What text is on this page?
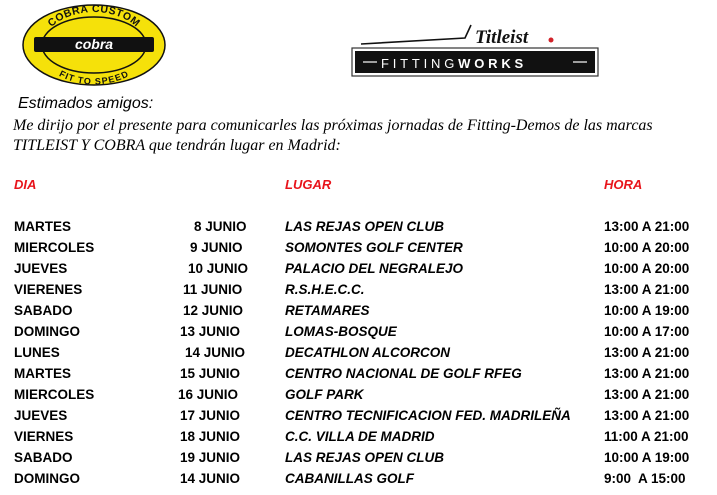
COBRA CUSTOM
FIT TO SPEED
cobra	Titleist
FITTINGWORKS

Estimados amigos:

Me dirijo por el presente para comunicarles las próximas jornadas de Fitting-Demos de las marcas TITLEIST Y COBRA que tendrán lugar en Madrid:

DIA	LUGAR	HORA

MARTES	8 JUNIO	LAS REJAS OPEN CLUB	13:00 A 21:00
MIERCOLES	9 JUNIO	SOMONTES GOLF CENTER	10:00 A 20:00
JUEVES	10 JUNIO	PALACIO DEL NEGRALEJO	10:00 A 20:00
VIERENES	11 JUNIO	R.S.H.E.C.C.	13:00 A 21:00
SABADO	12 JUNIO	RETAMARES	10:00 A 19:00
DOMINGO	13 JUNIO	LOMAS-BOSQUE	10:00 A 17:00
LUNES	14 JUNIO	DECATHLON ALCORCON	13:00 A 21:00
MARTES	15 JUNIO	CENTRO NACIONAL DE GOLF RFEG	13:00 A 21:00
MIERCOLES	16 JUNIO	GOLF PARK	13:00 A 21:00
JUEVES	17 JUNIO	CENTRO TECNIFICACION FED. MADRILEÑA 13:00 A 21:00
VIERNES	18 JUNIO	C.C. VILLA DE MADRID	11:00 A 21:00
SABADO	19 JUNIO	LAS REJAS OPEN CLUB	10:00 A 19:00
DOMINGO	14 JUNIO	CABANILLAS GOLF	9:00  A 15:00
